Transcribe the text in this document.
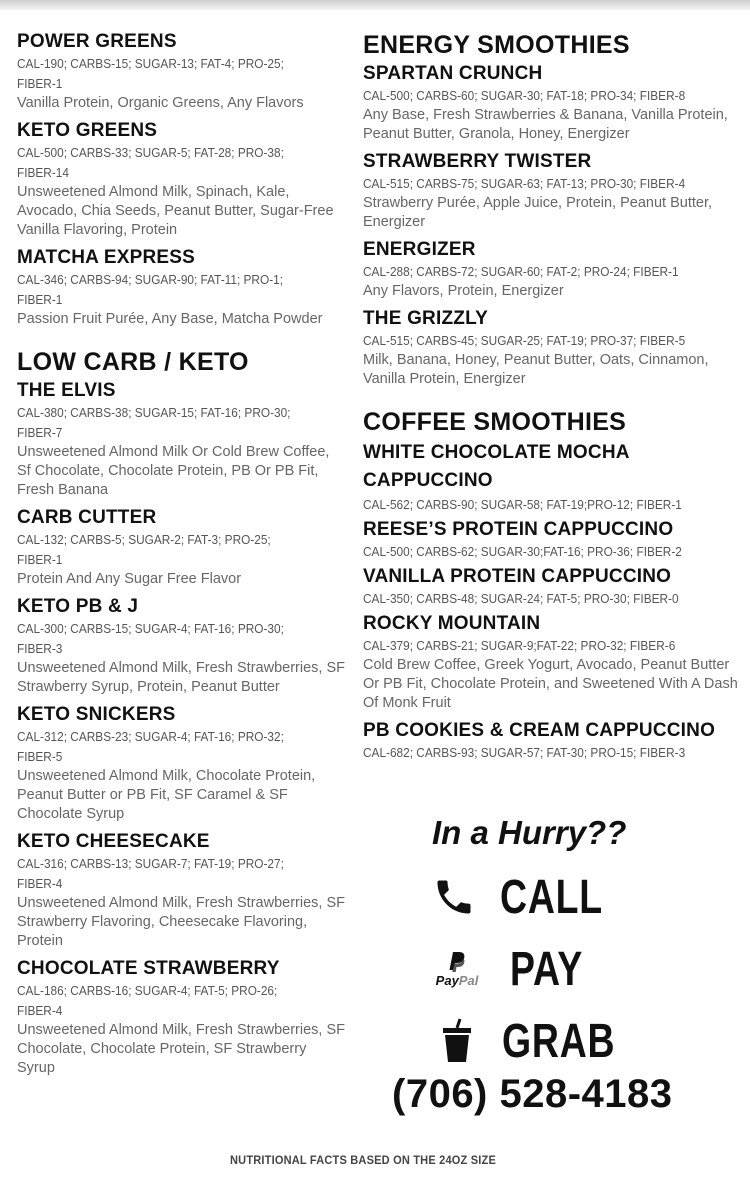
POWER GREENS
CAL-190; CARBS-15; SUGAR-13; FAT-4; PRO-25;
FIBER-1
Vanilla Protein, Organic Greens, Any Flavors
KETO GREENS
CAL-500; CARBS-33; SUGAR-5; FAT-28; PRO-38;
FIBER-14
Unsweetened Almond Milk, Spinach, Kale, Avocado, Chia Seeds, Peanut Butter, Sugar-Free Vanilla Flavoring, Protein
MATCHA EXPRESS
CAL-346; CARBS-94; SUGAR-90; FAT-11; PRO-1;
FIBER-1
Passion Fruit Purée, Any Base, Matcha Powder
LOW CARB / KETO
THE ELVIS
CAL-380; CARBS-38; SUGAR-15; FAT-16; PRO-30;
FIBER-7
Unsweetened Almond Milk Or Cold Brew Coffee, Sf Chocolate, Chocolate Protein, PB Or PB Fit, Fresh Banana
CARB CUTTER
CAL-132; CARBS-5; SUGAR-2; FAT-3; PRO-25;
FIBER-1
Protein And Any Sugar Free Flavor
KETO PB & J
CAL-300; CARBS-15; SUGAR-4; FAT-16; PRO-30;
FIBER-3
Unsweetened Almond Milk, Fresh Strawberries, SF Strawberry Syrup, Protein, Peanut Butter
KETO SNICKERS
CAL-312; CARBS-23; SUGAR-4; FAT-16; PRO-32;
FIBER-5
Unsweetened Almond Milk, Chocolate Protein, Peanut Butter or PB Fit, SF Caramel & SF Chocolate Syrup
KETO CHEESECAKE
CAL-316; CARBS-13; SUGAR-7; FAT-19; PRO-27;
FIBER-4
Unsweetened Almond Milk, Fresh Strawberries, SF Strawberry Flavoring, Cheesecake Flavoring, Protein
CHOCOLATE STRAWBERRY
CAL-186; CARBS-16; SUGAR-4; FAT-5; PRO-26;
FIBER-4
Unsweetened Almond Milk, Fresh Strawberries, SF Chocolate, Chocolate Protein, SF Strawberry Syrup
ENERGY SMOOTHIES
SPARTAN CRUNCH
CAL-500; CARBS-60; SUGAR-30; FAT-18; PRO-34; FIBER-8
Any Base, Fresh Strawberries & Banana, Vanilla Protein, Peanut Butter, Granola, Honey, Energizer
STRAWBERRY TWISTER
CAL-515; CARBS-75; SUGAR-63; FAT-13; PRO-30; FIBER-4
Strawberry Purée, Apple Juice, Protein, Peanut Butter, Energizer
ENERGIZER
CAL-288; CARBS-72; SUGAR-60; FAT-2; PRO-24; FIBER-1
Any Flavors, Protein, Energizer
THE GRIZZLY
CAL-515; CARBS-45; SUGAR-25; FAT-19; PRO-37; FIBER-5
Milk, Banana, Honey, Peanut Butter, Oats, Cinnamon, Vanilla Protein, Energizer
COFFEE SMOOTHIES
WHITE CHOCOLATE MOCHA CAPPUCCINO
CAL-562; CARBS-90; SUGAR-58; FAT-19;PRO-12; FIBER-1
REESE’S PROTEIN CAPPUCCINO
CAL-500; CARBS-62; SUGAR-30;FAT-16; PRO-36; FIBER-2
VANILLA PROTEIN CAPPUCCINO
CAL-350; CARBS-48; SUGAR-24; FAT-5; PRO-30; FIBER-0
ROCKY MOUNTAIN
CAL-379; CARBS-21; SUGAR-9;FAT-22; PRO-32; FIBER-6
Cold Brew Coffee, Greek Yogurt, Avocado, Peanut Butter Or PB Fit, Chocolate Protein, and Sweetened With A Dash Of Monk Fruit
PB COOKIES & CREAM CAPPUCCINO
CAL-682; CARBS-93; SUGAR-57; FAT-30; PRO-15; FIBER-3
In a Hurry??
CALL
PayPal PAY
GRAB
(706) 528-4183
NUTRITIONAL FACTS BASED ON THE 24OZ SIZE
